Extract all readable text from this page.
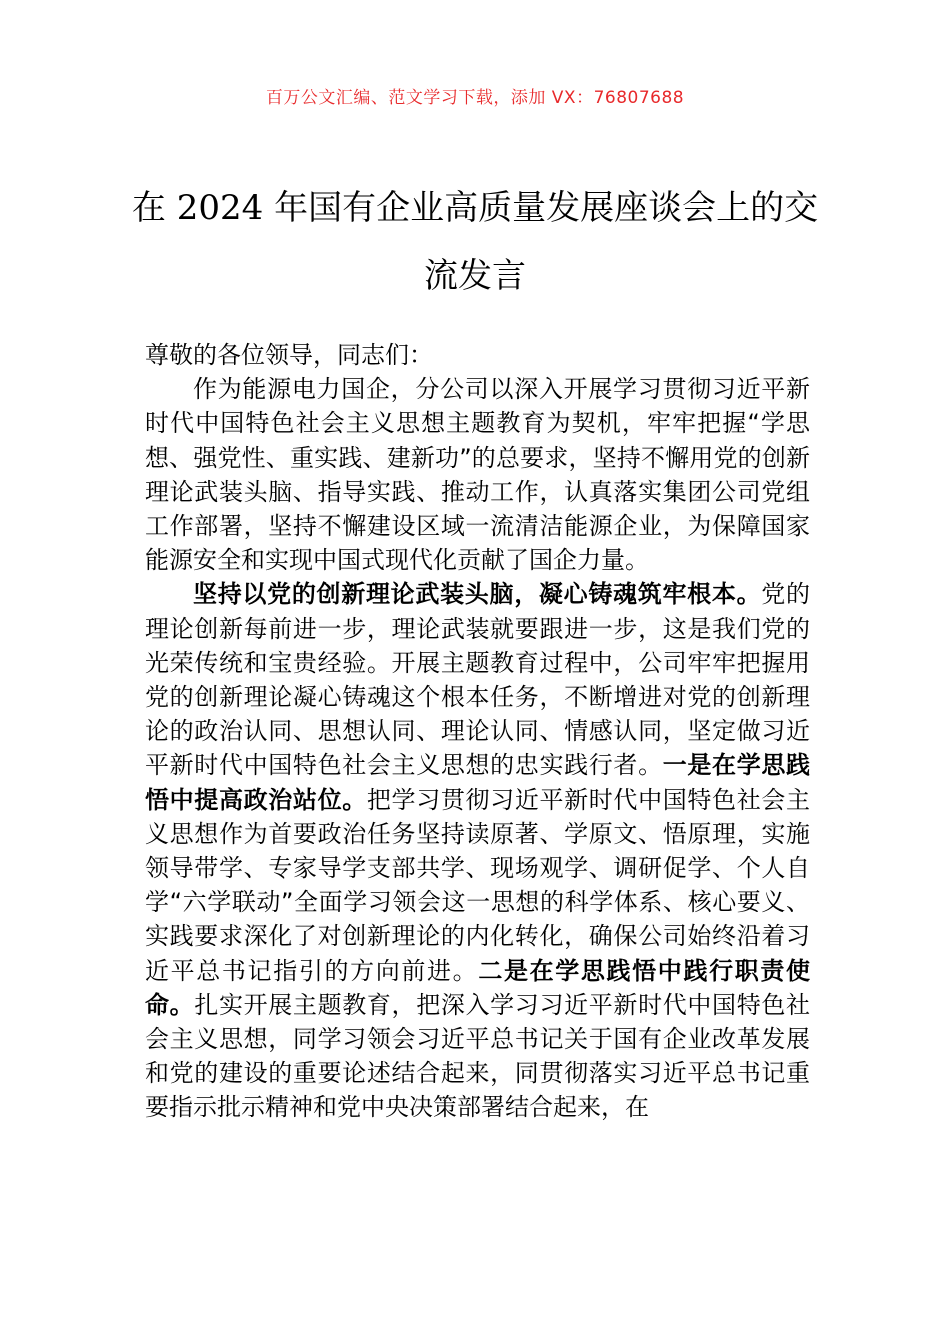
百万公文汇编、范文学习下载，添加 VX：76807688
在 2024 年国有企业高质量发展座谈会上的交流发言

尊敬的各位领导，同志们：

作为能源电力国企，分公司以深入开展学习贯彻习近平新时代中国特色社会主义思想主题教育为契机，牢牢把握“学思想、强党性、重实践、建新功”的总要求，坚持不懈用党的创新理论武装头脑、指导实践、推动工作，认真落实集团公司党组工作部署，坚持不懈建设区域一流清洁能源企业，为保障国家能源安全和实现中国式现代化贡献了国企力量。

坚持以党的创新理论武装头脑，凝心铸魂筑牢根本。党的理论创新每前进一步，理论武装就要跟进一步，这是我们党的光荣传统和宝贵经验。开展主题教育过程中，公司牢牢把握用党的创新理论凝心铸魂这个根本任务，不断增进对党的创新理论的政治认同、思想认同、理论认同、情感认同，坚定做习近平新时代中国特色社会主义思想的忠实践行者。一是在学思践悟中提高政治站位。把学习贯彻习近平新时代中国特色社会主义思想作为首要政治任务坚持读原著、学原文、悟原理，实施领导带学、专家导学支部共学、现场观学、调研促学、个人自学“六学联动”全面学习领会这一思想的科学体系、核心要义、实践要求深化了对创新理论的内化转化，确保公司始终沿着习近平总书记指引的方向前进。二是在学思践悟中践行职责使命。扎实开展主题教育，把深入学习习近平新时代中国特色社会主义思想，同学习领会习近平总书记关于国有企业改革发展和党的建设的重要论述结合起来，同贯彻落实习近平总书记重要指示批示精神和党中央决策部署结合起来，在
